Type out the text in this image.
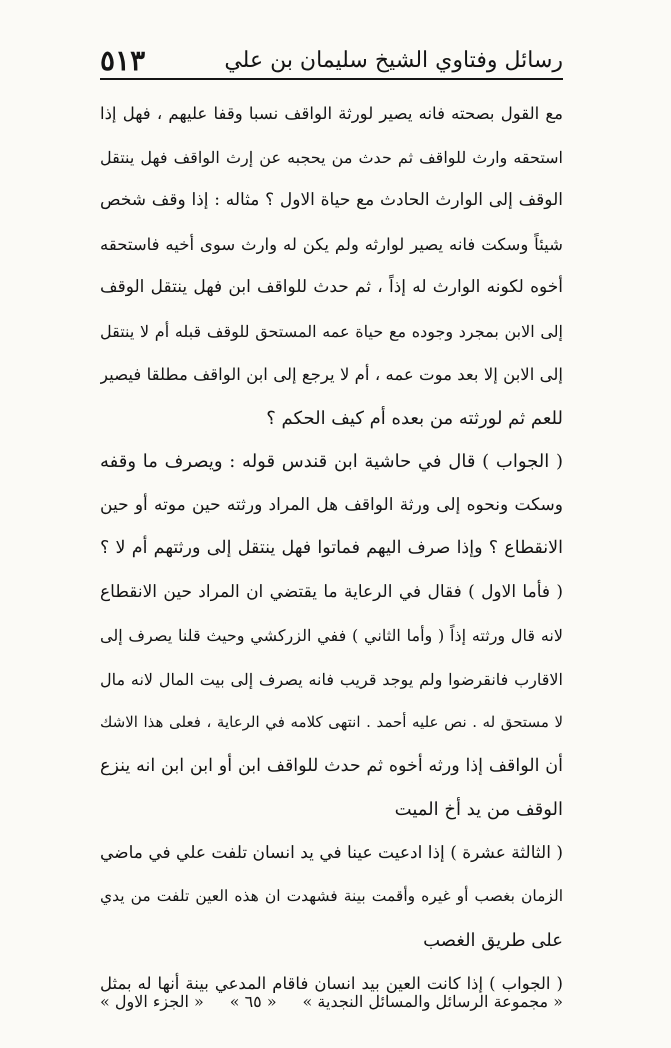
رسائل وفتاوي الشيخ سليمان بن علي
٥١٣
مع القول بصحته فانه يصير لورثة الواقف نسبا وقفا عليهم ، فهل إذا
استحقه وارث للواقف ثم حدث من يحجبه عن إرث الواقف فهل ينتقل
الوقف إلى الوارث الحادث مع حياة الاول ؟ مثاله : إذا وقف شخص
شيئاً وسكت فانه يصير لوارثه ولم يكن له وارث سوى أخيه فاستحقه
أخوه لكونه الوارث له إذاً ، ثم حدث للواقف ابن فهل ينتقل الوقف
إلى الابن بمجرد وجوده مع حياة عمه المستحق للوقف قبله أم لا ينتقل
إلى الابن إلا بعد موت عمه ، أم لا يرجع إلى ابن الواقف مطلقا فيصير
للعم ثم لورثته من بعده أم كيف الحكم ؟
( الجواب ) قال في حاشية ابن قندس قوله : ويصرف ما وقفه
وسكت ونحوه إلى ورثة الواقف هل المراد ورثته حين موته أو حين
الانقطاع ؟ وإذا صرف اليهم فماتوا فهل ينتقل إلى ورثتهم أم لا ؟
( فأما الاول ) فقال في الرعاية ما يقتضي ان المراد حين الانقطاع
لانه قال ورثته إذاً ( وأما الثاني ) ففي الزركشي وحيث قلنا يصرف إلى
الاقارب فانقرضوا ولم يوجد قريب فانه يصرف إلى بيت المال لانه مال
لا مستحق له . نص عليه أحمد . انتهى كلامه في الرعاية ، فعلى هذا الاشك
أن الواقف إذا ورثه أخوه ثم حدث للواقف ابن أو ابن ابن انه ينزع
الوقف من يد أخ الميت
( الثالثة عشرة ) إذا ادعيت عينا في يد انسان تلفت علي في ماضي
الزمان بغصب أو غيره وأقمت بينة فشهدت ان هذه العين تلفت من يدي
على طريق الغصب
( الجواب ) إذا كانت العين بيد انسان فاقام المدعي بينة أنها له بمثل
« مجموعة الرسائل والمسائل النجدية »
« ٦٥ »
« الجزء الاول »
